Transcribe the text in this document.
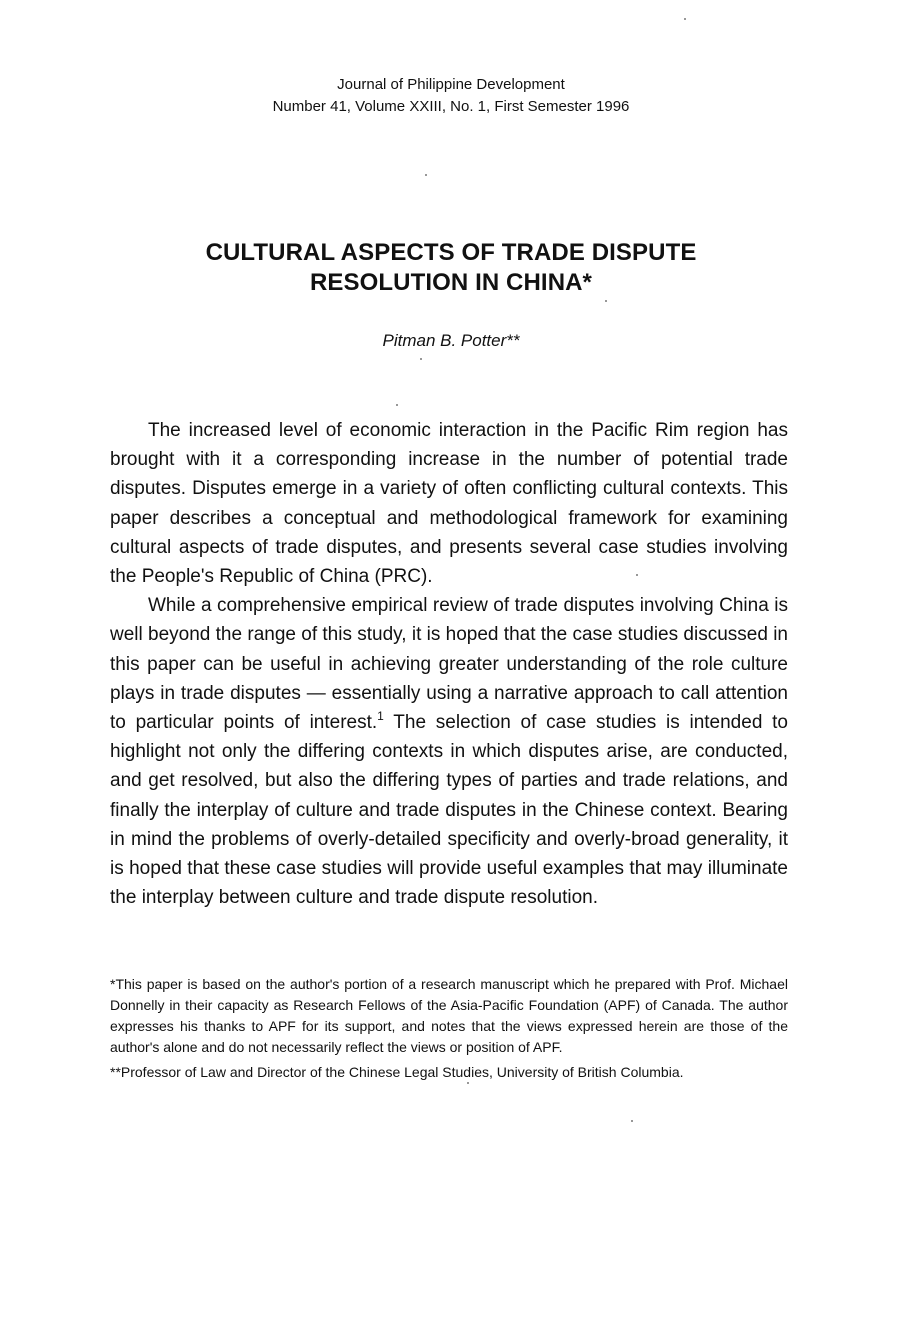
Journal of Philippine Development
Number 41, Volume XXIII, No. 1, First Semester 1996
CULTURAL ASPECTS OF TRADE DISPUTE
RESOLUTION IN CHINA*
Pitman B. Potter**

The increased level of economic interaction in the Pacific Rim region has brought with it a corresponding increase in the number of potential trade disputes. Disputes emerge in a variety of often conflicting cultural contexts. This paper describes a conceptual and methodological framework for examining cultural aspects of trade disputes, and presents several case studies involving the People's Republic of China (PRC).

While a comprehensive empirical review of trade disputes involving China is well beyond the range of this study, it is hoped that the case studies discussed in this paper can be useful in achieving greater understanding of the role culture plays in trade disputes — essentially using a narrative approach to call attention to particular points of interest.$^1$ The selection of case studies is intended to highlight not only the differing contexts in which disputes arise, are conducted, and get resolved, but also the differing types of parties and trade relations, and finally the interplay of culture and trade disputes in the Chinese context. Bearing in mind the problems of overly-detailed specificity and overly-broad generality, it is hoped that these case studies will provide useful examples that may illuminate the interplay between culture and trade dispute resolution.

*This paper is based on the author's portion of a research manuscript which he prepared with Prof. Michael Donnelly in their capacity as Research Fellows of the Asia-Pacific Foundation (APF) of Canada. The author expresses his thanks to APF for its support, and notes that the views expressed herein are those of the author's alone and do not necessarily reflect the views or position of APF.

**Professor of Law and Director of the Chinese Legal Studies, University of British Columbia.
